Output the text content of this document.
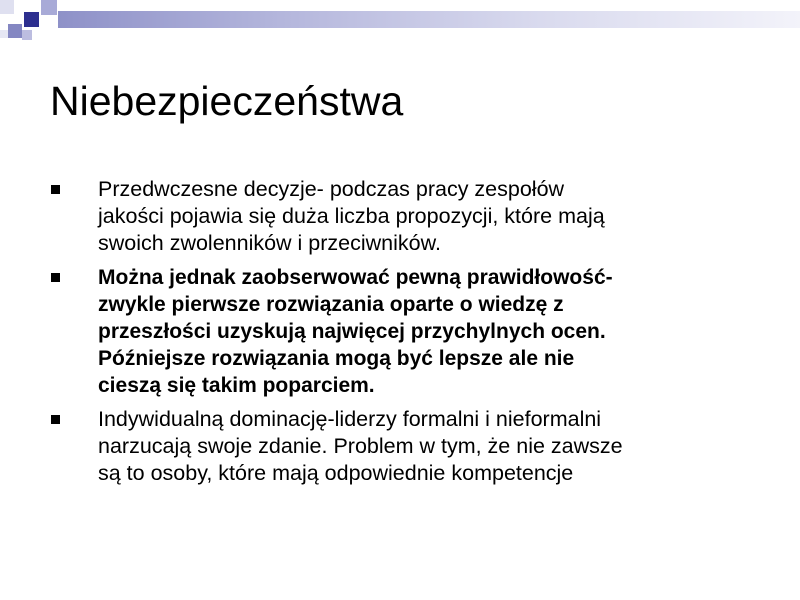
Niebezpieczeństwa
Przedwczesne decyzje- podczas pracy zespołów
jakości pojawia się duża liczba propozycji, które mają
swoich zwolenników i przeciwników.
Można jednak zaobserwować pewną prawidłowość-
zwykle pierwsze rozwiązania oparte o wiedzę z
przeszłości uzyskują najwięcej przychylnych ocen.
Późniejsze rozwiązania mogą być lepsze ale nie
cieszą się takim poparciem.
Indywidualną dominację-liderzy formalni i nieformalni
narzucają swoje zdanie. Problem w tym, że nie zawsze
są to osoby, które mają odpowiednie kompetencje
